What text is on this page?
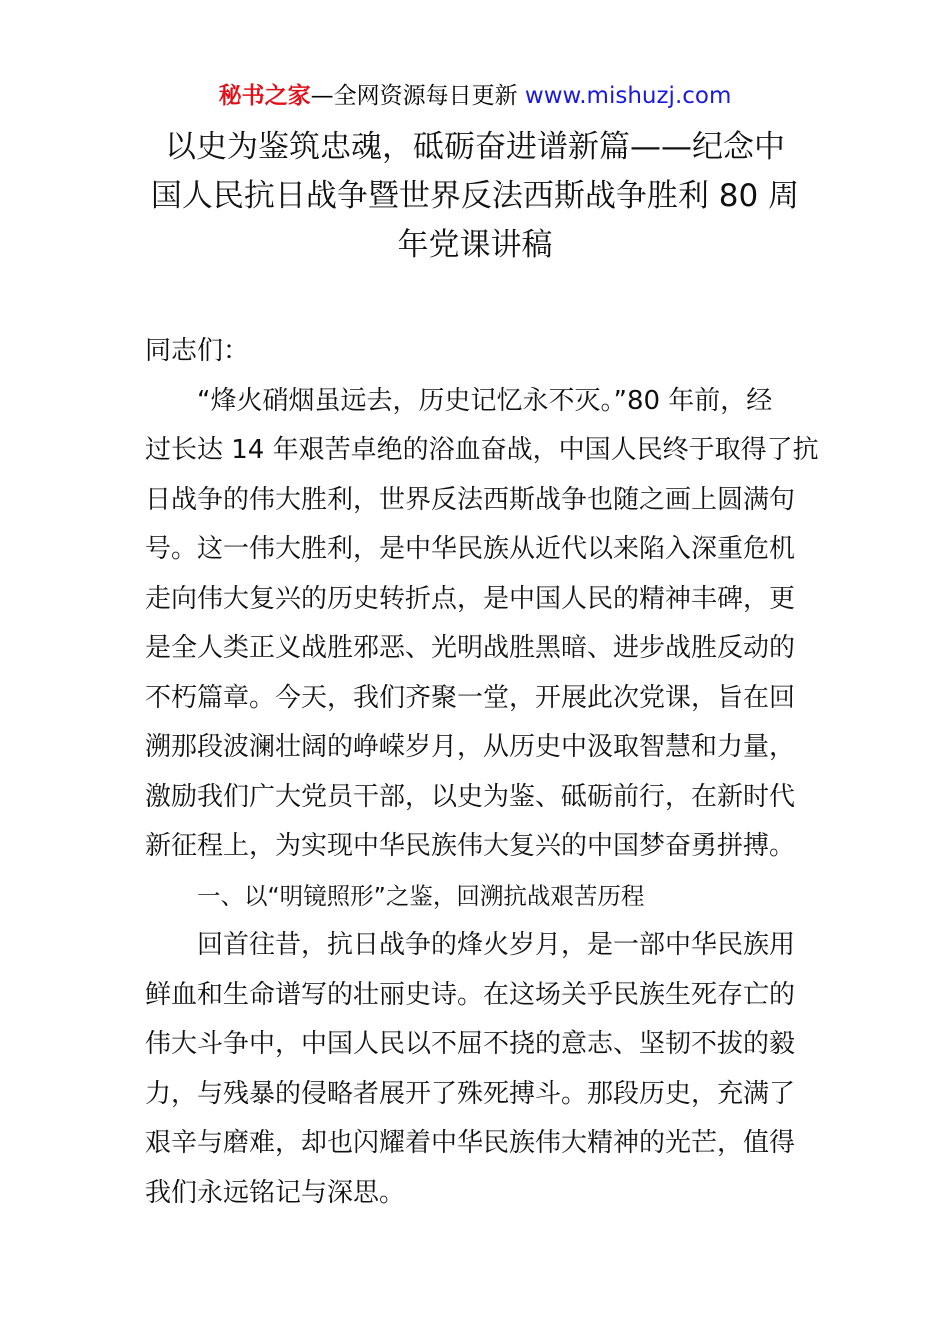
秘书之家—全网资源每日更新 www.mishuzj.com
以史为鉴筑忠魂，砥砺奋进谱新篇——纪念中
国人民抗日战争暨世界反法西斯战争胜利 80 周
年党课讲稿
同志们：
“烽火硝烟虽远去，历史记忆永不灭。”80 年前，经
过长达 14 年艰苦卓绝的浴血奋战，中国人民终于取得了抗
日战争的伟大胜利，世界反法西斯战争也随之画上圆满句
号。这一伟大胜利，是中华民族从近代以来陷入深重危机
走向伟大复兴的历史转折点，是中国人民的精神丰碑，更
是全人类正义战胜邪恶、光明战胜黑暗、进步战胜反动的
不朽篇章。今天，我们齐聚一堂，开展此次党课，旨在回
溯那段波澜壮阔的峥嵘岁月，从历史中汲取智慧和力量，
激励我们广大党员干部，以史为鉴、砥砺前行，在新时代
新征程上，为实现中华民族伟大复兴的中国梦奋勇拼搏。
一、以“明镜照形”之鉴，回溯抗战艰苦历程
回首往昔，抗日战争的烽火岁月，是一部中华民族用
鲜血和生命谱写的壮丽史诗。在这场关乎民族生死存亡的
伟大斗争中，中国人民以不屈不挠的意志、坚韧不拔的毅
力，与残暴的侵略者展开了殊死搏斗。那段历史，充满了
艰辛与磨难，却也闪耀着中华民族伟大精神的光芒，值得
我们永远铭记与深思。
